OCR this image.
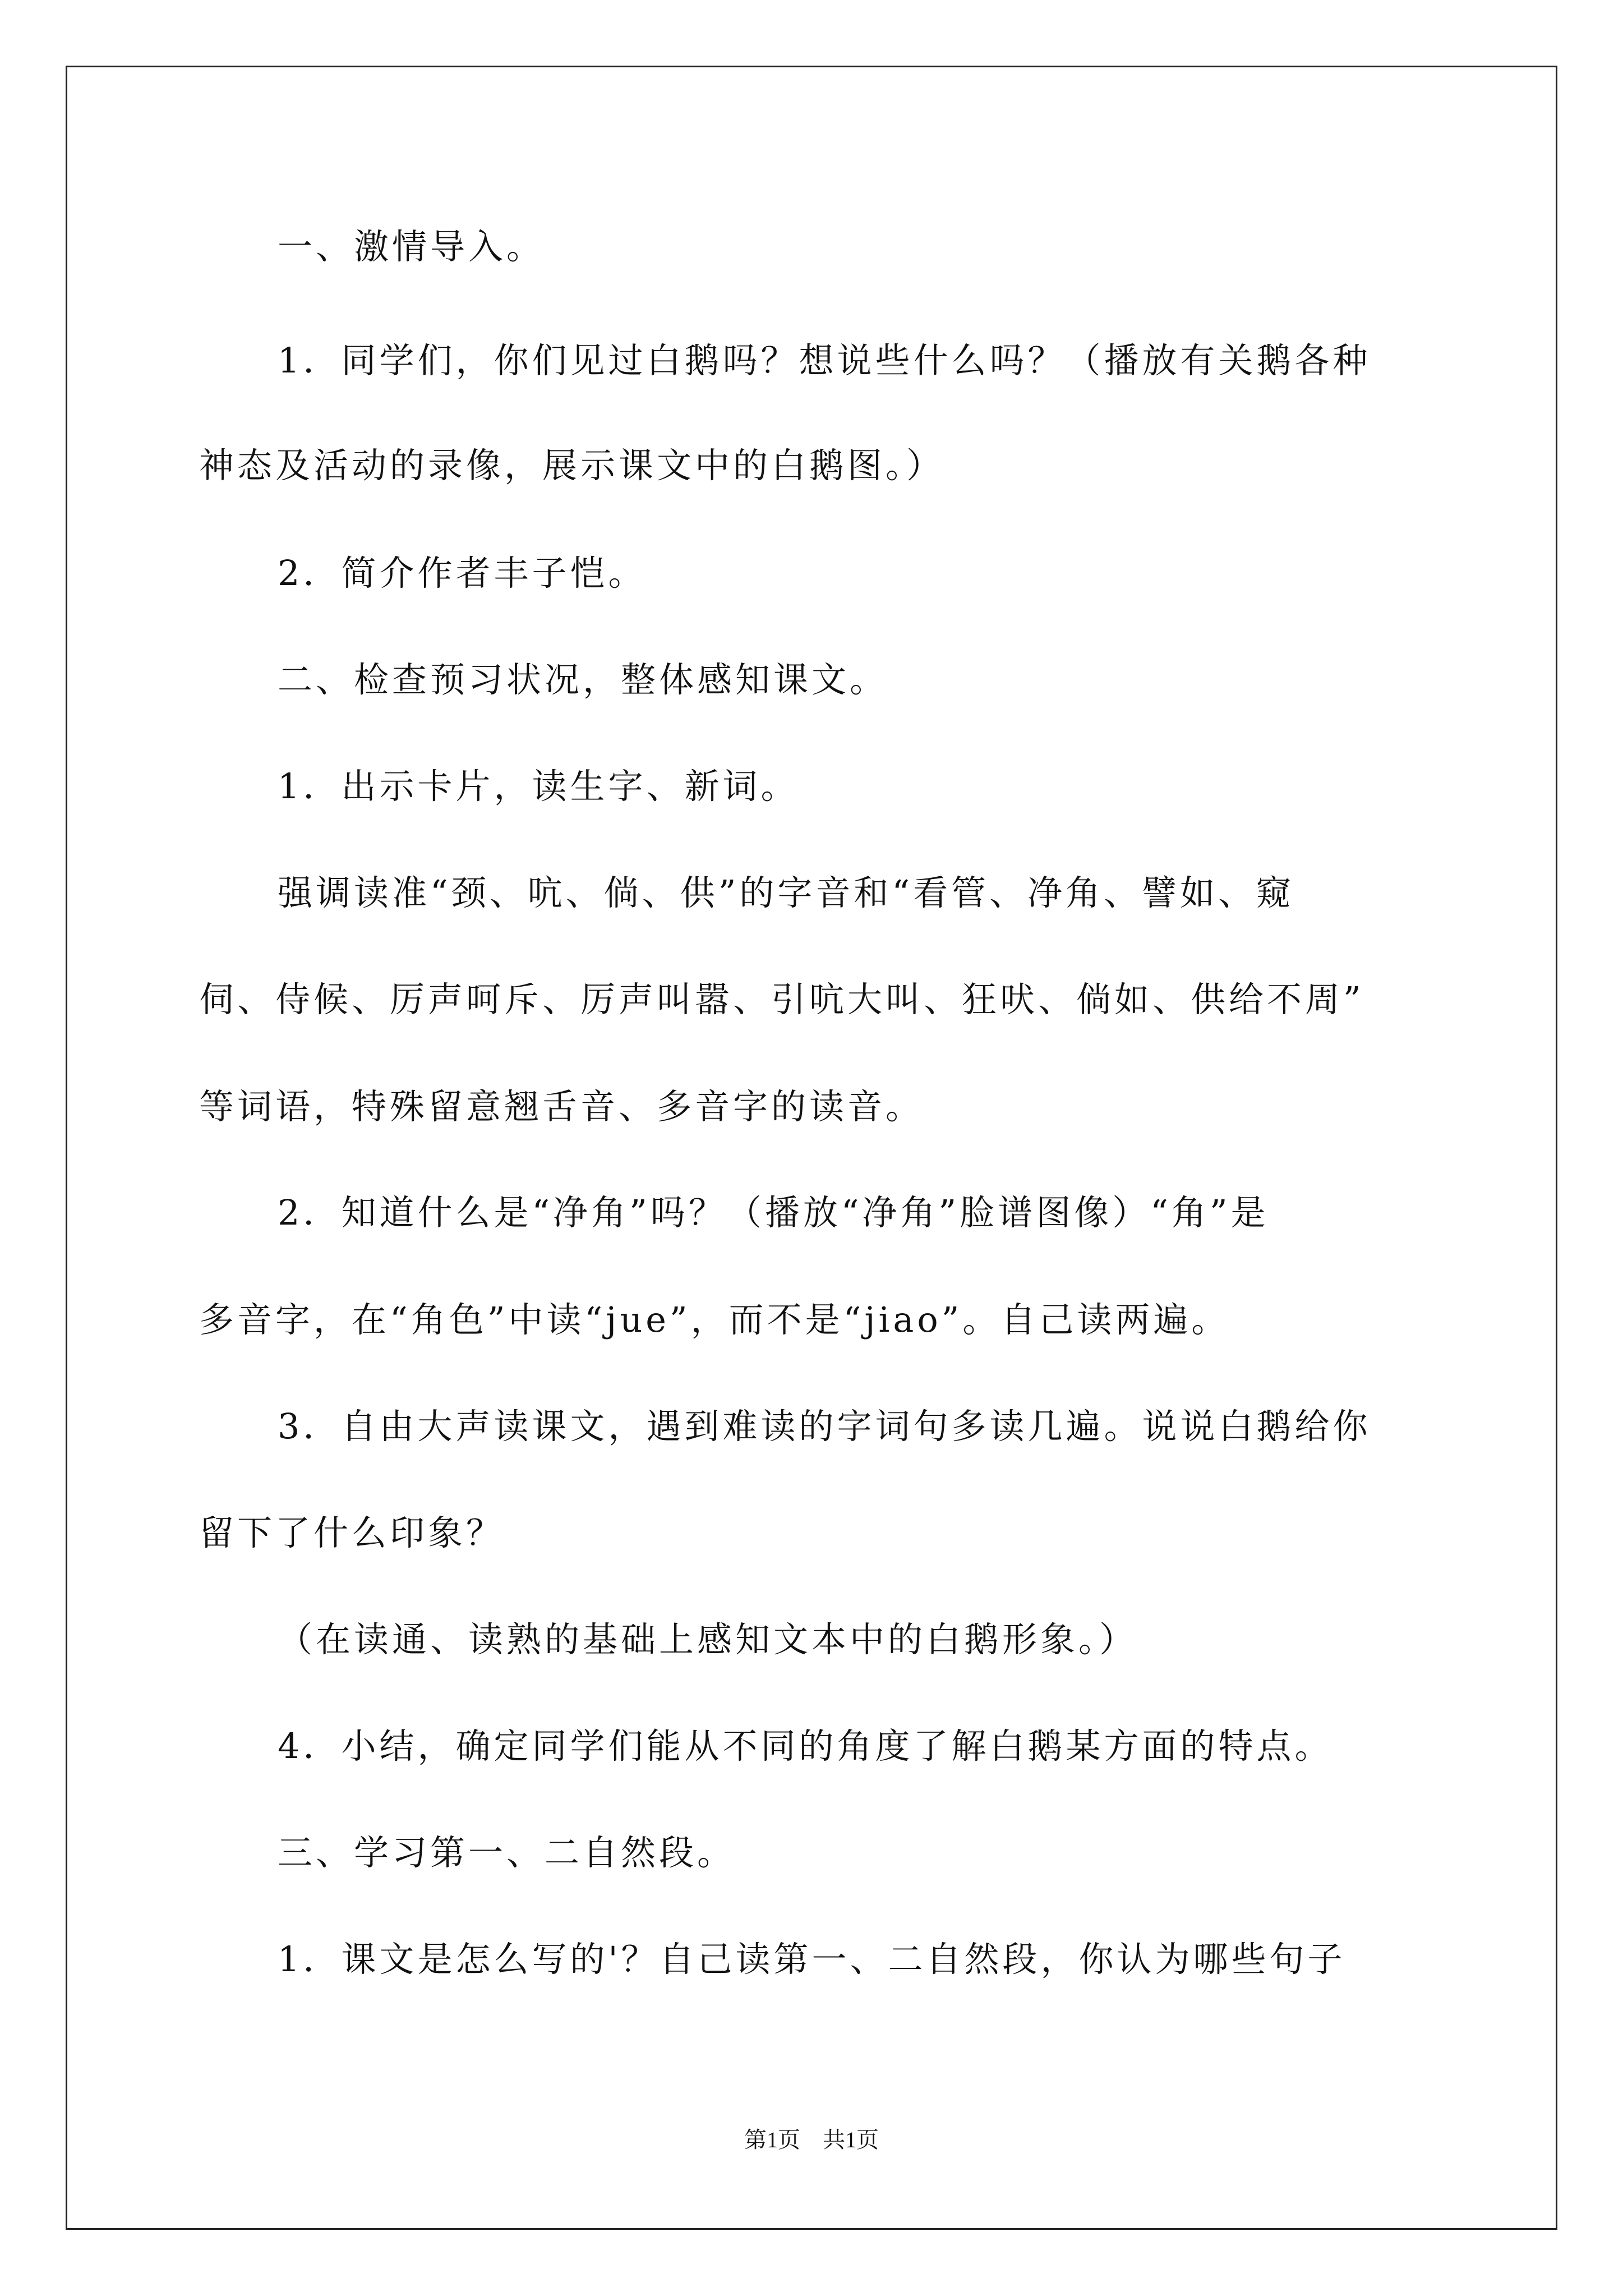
一、激情导入。
1．同学们，你们见过白鹅吗？想说些什么吗？（播放有关鹅各种
神态及活动的录像，展示课文中的白鹅图。）
2．简介作者丰子恺。
二、检查预习状况，整体感知课文。
1．出示卡片，读生字、新词。
强调读准“颈、吭、倘、供”的字音和“看管、净角、譬如、窥
伺、侍候、厉声呵斥、厉声叫嚣、引吭大叫、狂吠、倘如、供给不周”
等词语，特殊留意翘舌音、多音字的读音。
2．知道什么是“净角”吗？（播放“净角”脸谱图像）“角”是
多音字，在“角色”中读“jue”，而不是“jiao”。自己读两遍。
3．自由大声读课文，遇到难读的字词句多读几遍。说说白鹅给你
留下了什么印象？
（在读通、读熟的基础上感知文本中的白鹅形象。）
4．小结，确定同学们能从不同的角度了解白鹅某方面的特点。
三、学习第一、二自然段。
1．课文是怎么写的'？自己读第一、二自然段，你认为哪些句子
第1页　共1页
